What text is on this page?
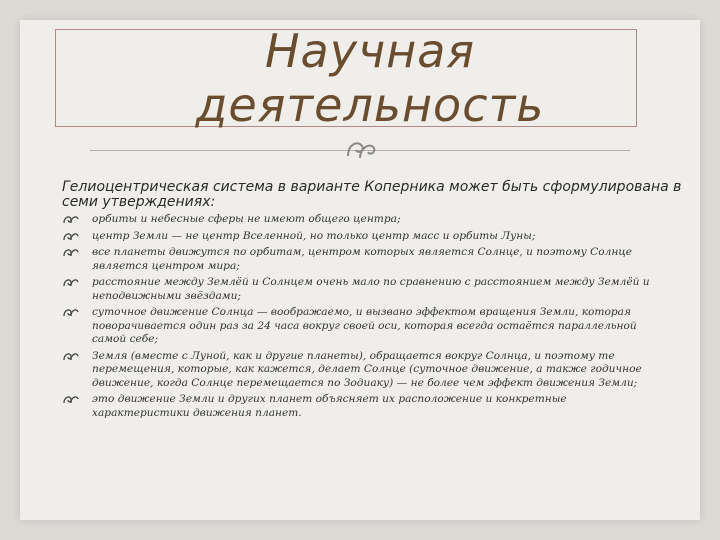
Научная
деятельность
Гелиоцентрическая система в варианте Коперника может быть сформулирована в семи утверждениях:
орбиты и небесные сферы не имеют общего центра;
центр Земли — не центр Вселенной, но только центр масс и орбиты Луны;
все планеты движутся по орбитам, центром которых является Солнце, и поэтому Солнце является центром мира;
расстояние между Землёй и Солнцем очень мало по сравнению с расстоянием между Землёй и неподвижными звёздами;
суточное движение Солнца — воображаемо, и вызвано эффектом вращения Земли, которая поворачивается один раз за 24 часа вокруг своей оси, которая всегда остаётся параллельной самой себе;
Земля (вместе с Луной, как и другие планеты), обращается вокруг Солнца, и поэтому те перемещения, которые, как кажется, делает Солнце (суточное движение, а также годичное движение, когда Солнце перемещается по Зодиаку) — не более чем эффект движения Земли;
это движение Земли и других планет объясняет их расположение и конкретные характеристики движения планет.
